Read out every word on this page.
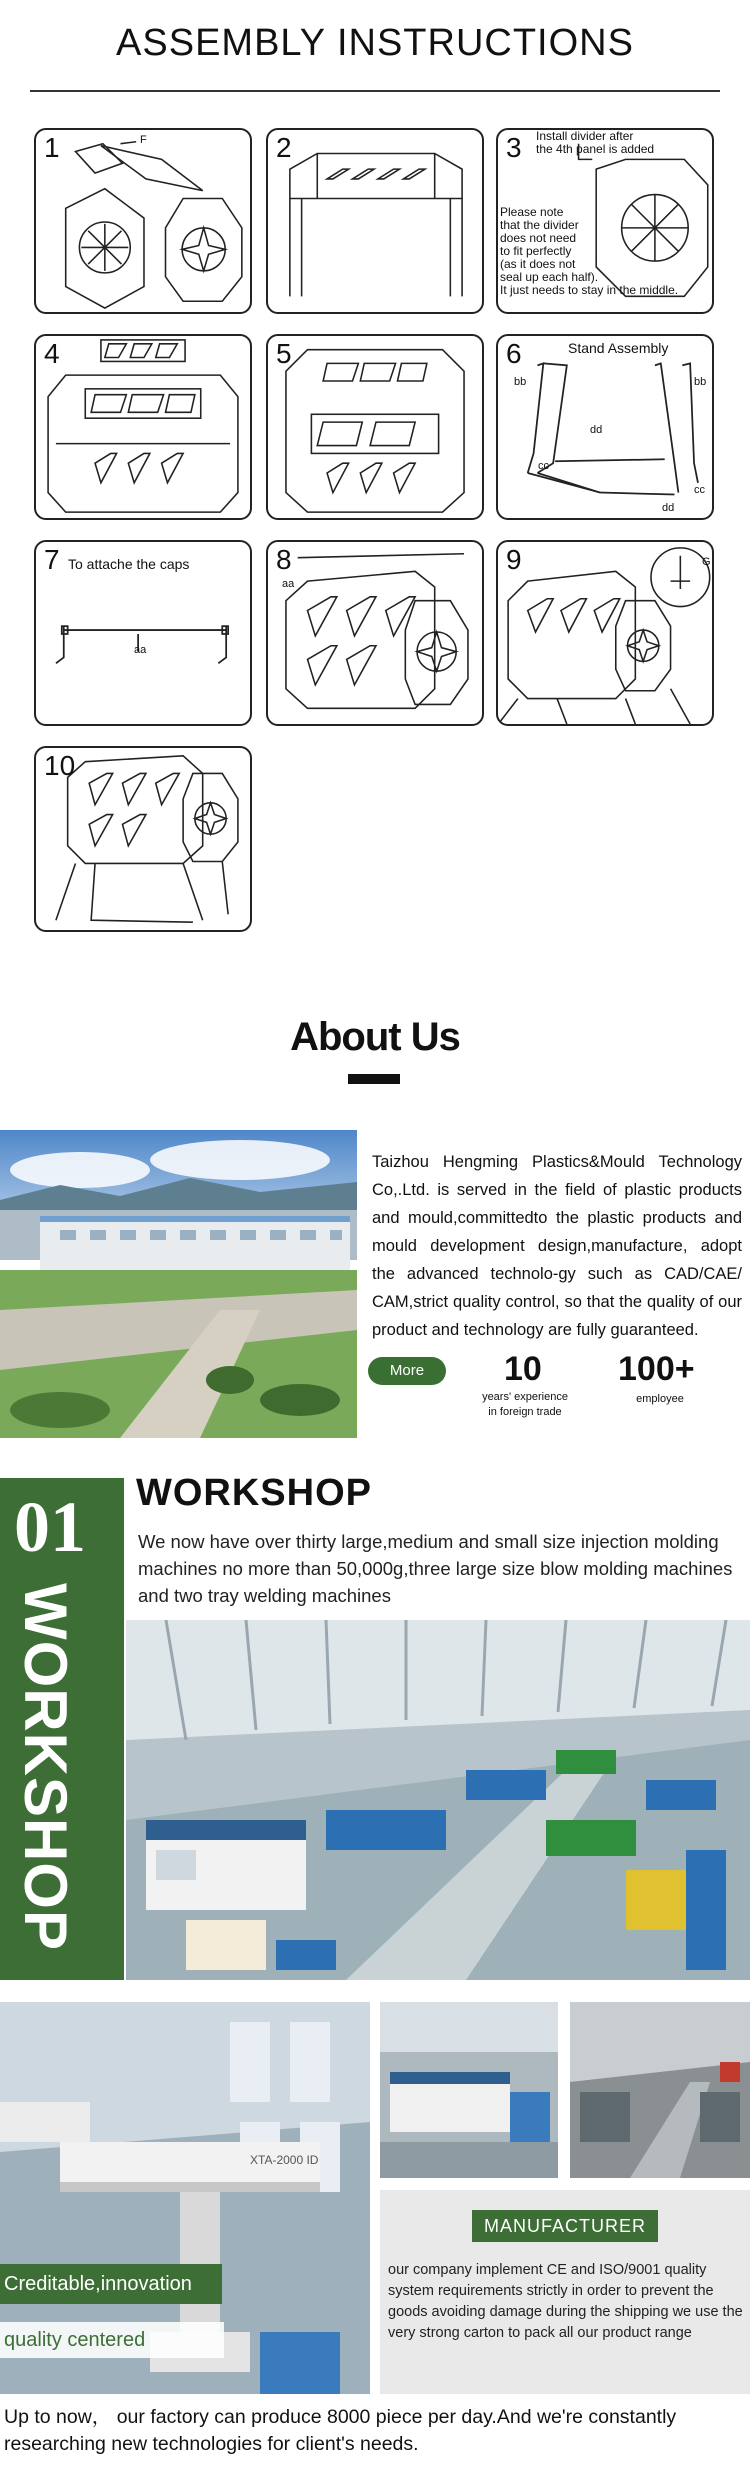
ASSEMBLY INSTRUCTIONS
1	F	2	3 Install divider after
the 4th panel is added
Please note
that the divider
does not need
to fit perfectly
(as it does not
seal up each half).
It just needs to stay in the middle.
4	5	6	Stand Assembly
bb	bb
dd
cc
cc
dd
7 To attache the caps
aa
8
aa
9	G
10
About Us
Taizhou Hengming Plastics&Mould Technology Co,.Ltd. is served in the field of plastic products and mould,committedto the plastic products and mould development design,manufacture, adopt the advanced technolo-gy such as CAD/CAE/ CAM,strict quality control, so that the quality of our product and technology are fully guaranteed.
More	10
years' experience
in foreign trade
100+
employee
01
WORKSHOP
WORKSHOP
We now have over thirty large,medium and small size injection molding machines no more than 50,000g,three large size blow molding machines and two tray welding machines
XTA-2000 ID
Creditable,innovation
quality centered
MANUFACTURER
our company implement CE and ISO/9001 quality system requirements strictly in order to prevent the goods avoiding damage during the shipping we use the very strong carton to pack all our product range
Up to now， our factory can produce 8000 piece per day.And we're constantly researching new technologies for client's needs.
